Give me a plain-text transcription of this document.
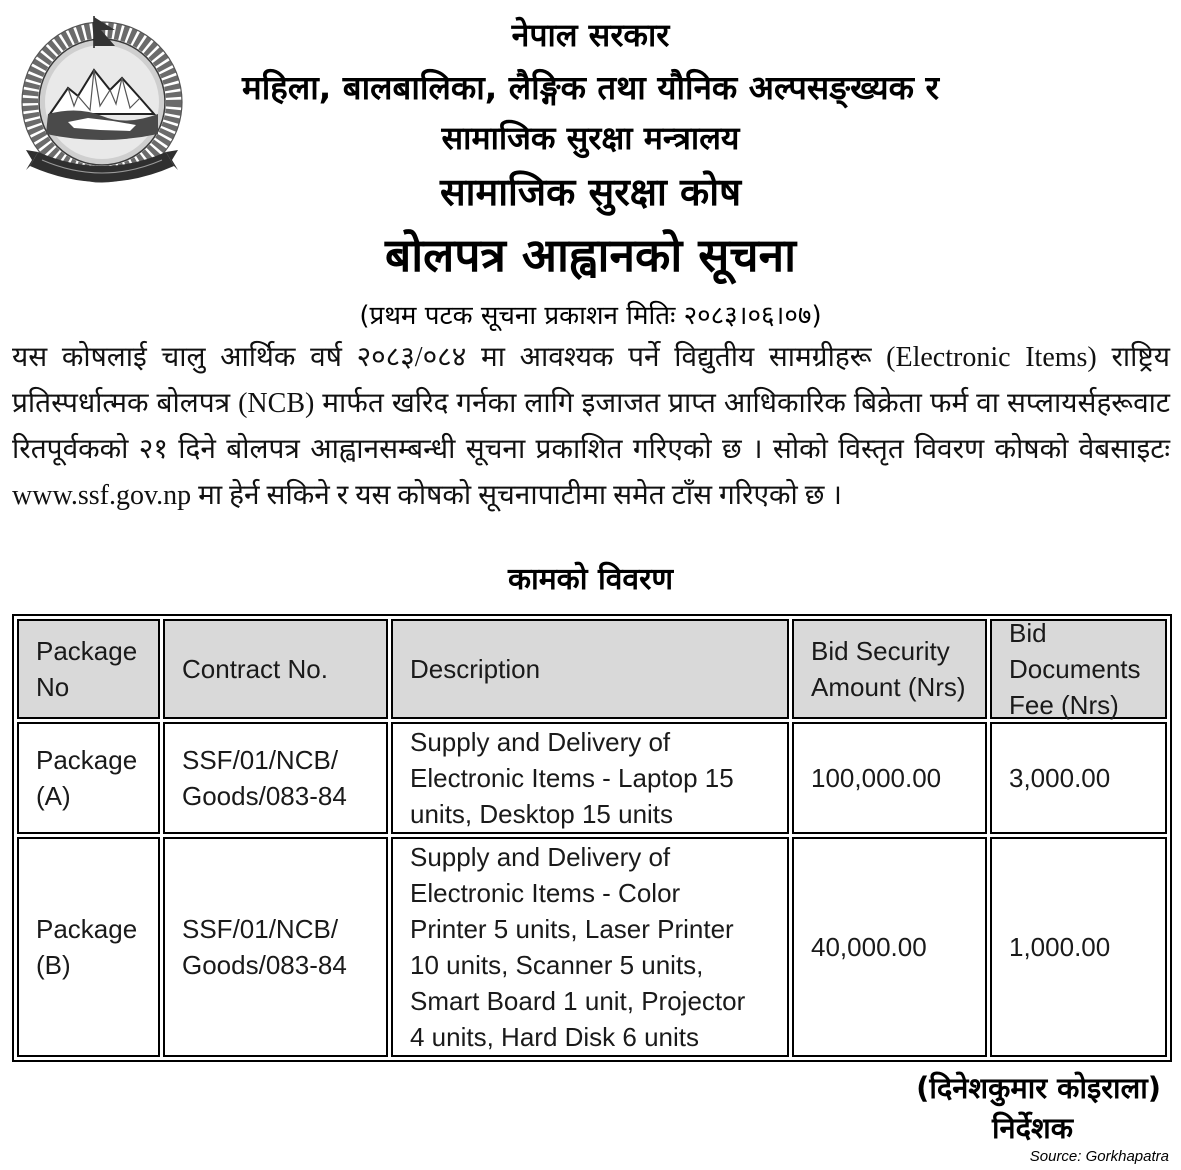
नेपाल सरकार
महिला, बालबालिका, लैङ्गिक तथा यौनिक अल्पसङ्ख्यक र
सामाजिक सुरक्षा मन्त्रालय
सामाजिक सुरक्षा कोष
बोलपत्र आह्वानको सूचना
(प्रथम पटक सूचना प्रकाशन मितिः २०८३।०६।०७)
यस कोषलाई चालु आर्थिक वर्ष २०८३/०८४ मा आवश्यक पर्ने विद्युतीय सामग्रीहरू (Electronic Items) राष्ट्रिय प्रतिस्पर्धात्मक बोलपत्र (NCB) मार्फत खरिद गर्नका लागि इजाजत प्राप्त आधिकारिक बिक्रेता फर्म वा सप्लायर्सहरूवाट रितपूर्वकको २१ दिने बोलपत्र आह्वानसम्बन्धी सूचना प्रकाशित गरिएको छ । सोको विस्तृत विवरण कोषको वेबसाइटः www.ssf.gov.np मा हेर्न सकिने र यस कोषको सूचनापाटीमा समेत टाँस गरिएको छ ।
कामको विवरण
Package No	Contract No.	Description	Bid Security Amount (Nrs)	Bid Documents Fee (Nrs)

Package (A)	SSF/​01/​NCB/​Goods/​083-84	Supply and Delivery of Electronic Items - Laptop 15 units, Desktop 15 units	100,000.00	3,000.00
Package (B)	SSF/​01/​NCB/​Goods/​083-84	Supply and Delivery of Electronic Items - Color Printer 5 units, Laser Printer 10 units, Scanner 5 units, Smart Board 1 unit, Projector 4 units, Hard Disk 6 units	40,000.00	1,000.00
(दिनेशकुमार कोइराला)
निर्देशक
Source: Gorkhapatra
